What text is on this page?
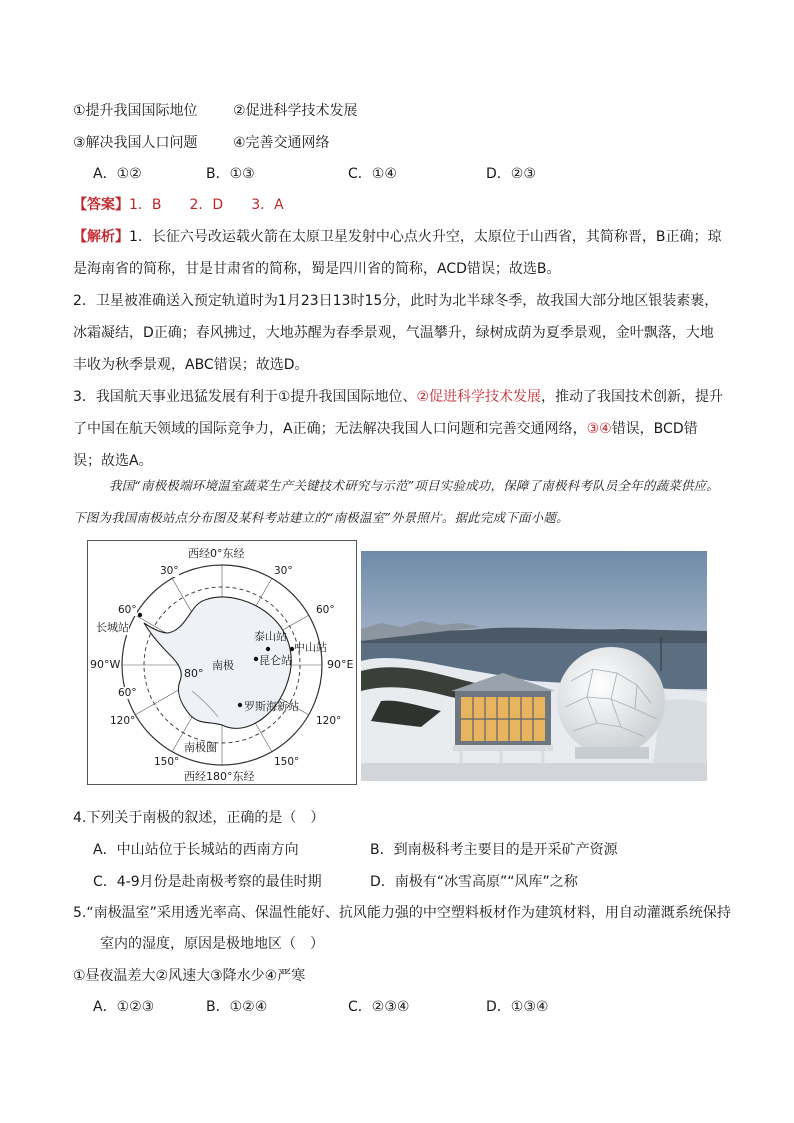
①提升我国国际地位	②促进科学技术发展
③解决我国人口问题	④完善交通网络
A．①②	B．①③	C．①④	D．②③
【答案】1．B　　2．D　　3．A

【解析】1．长征六号改运载火箭在太原卫星发射中心点火升空，太原位于山西省，其简称晋，B正确；琼是海南省的简称，甘是甘肃省的简称，蜀是四川省的简称，ACD错误；故选B。

2．卫星被准确送入预定轨道时为1月23日13时15分，此时为北半球冬季，故我国大部分地区银装素裹，冰霜凝结，D正确；春风拂过，大地苏醒为春季景观，气温攀升，绿树成荫为夏季景观，金叶飘落，大地丰收为秋季景观，ABC错误；故选D。

3．我国航天事业迅猛发展有利于①提升我国国际地位、②促进科学技术发展，推动了我国技术创新，提升了中国在航天领域的国际竞争力，A正确；无法解决我国人口问题和完善交通网络，③④错误，BCD错误；故选A。

我国“南极极端环境温室蔬菜生产关键技术研究与示范”项目实验成功，保障了南极科考队员全年的蔬菜供应。下图为我国南极站点分布图及某科考站建立的“南极温室”外景照片。据此完成下面小题。
西经0°东经
西经180°东经
90°W	90°E
南极
80°
南极圈
30°	30°
60°	60°
60°
120°	120°
150°	150°
长城站
泰山站
中山站
昆仑站
罗斯海新站
4.下列关于南极的叙述，正确的是（　）
A．中山站位于长城站的西南方向	B．到南极科考主要目的是开采矿产资源
C．4-9月份是赴南极考察的最佳时期	D．南极有“冰雪高原”“风库”之称
5.“南极温室”采用透光率高、保温性能好、抗风能力强的中空塑料板材作为建筑材料，用自动灌溉系统保持
室内的湿度，原因是极地地区（　）
①昼夜温差大②风速大③降水少④严寒
A．①②③	B．①②④	C．②③④	D．①③④
